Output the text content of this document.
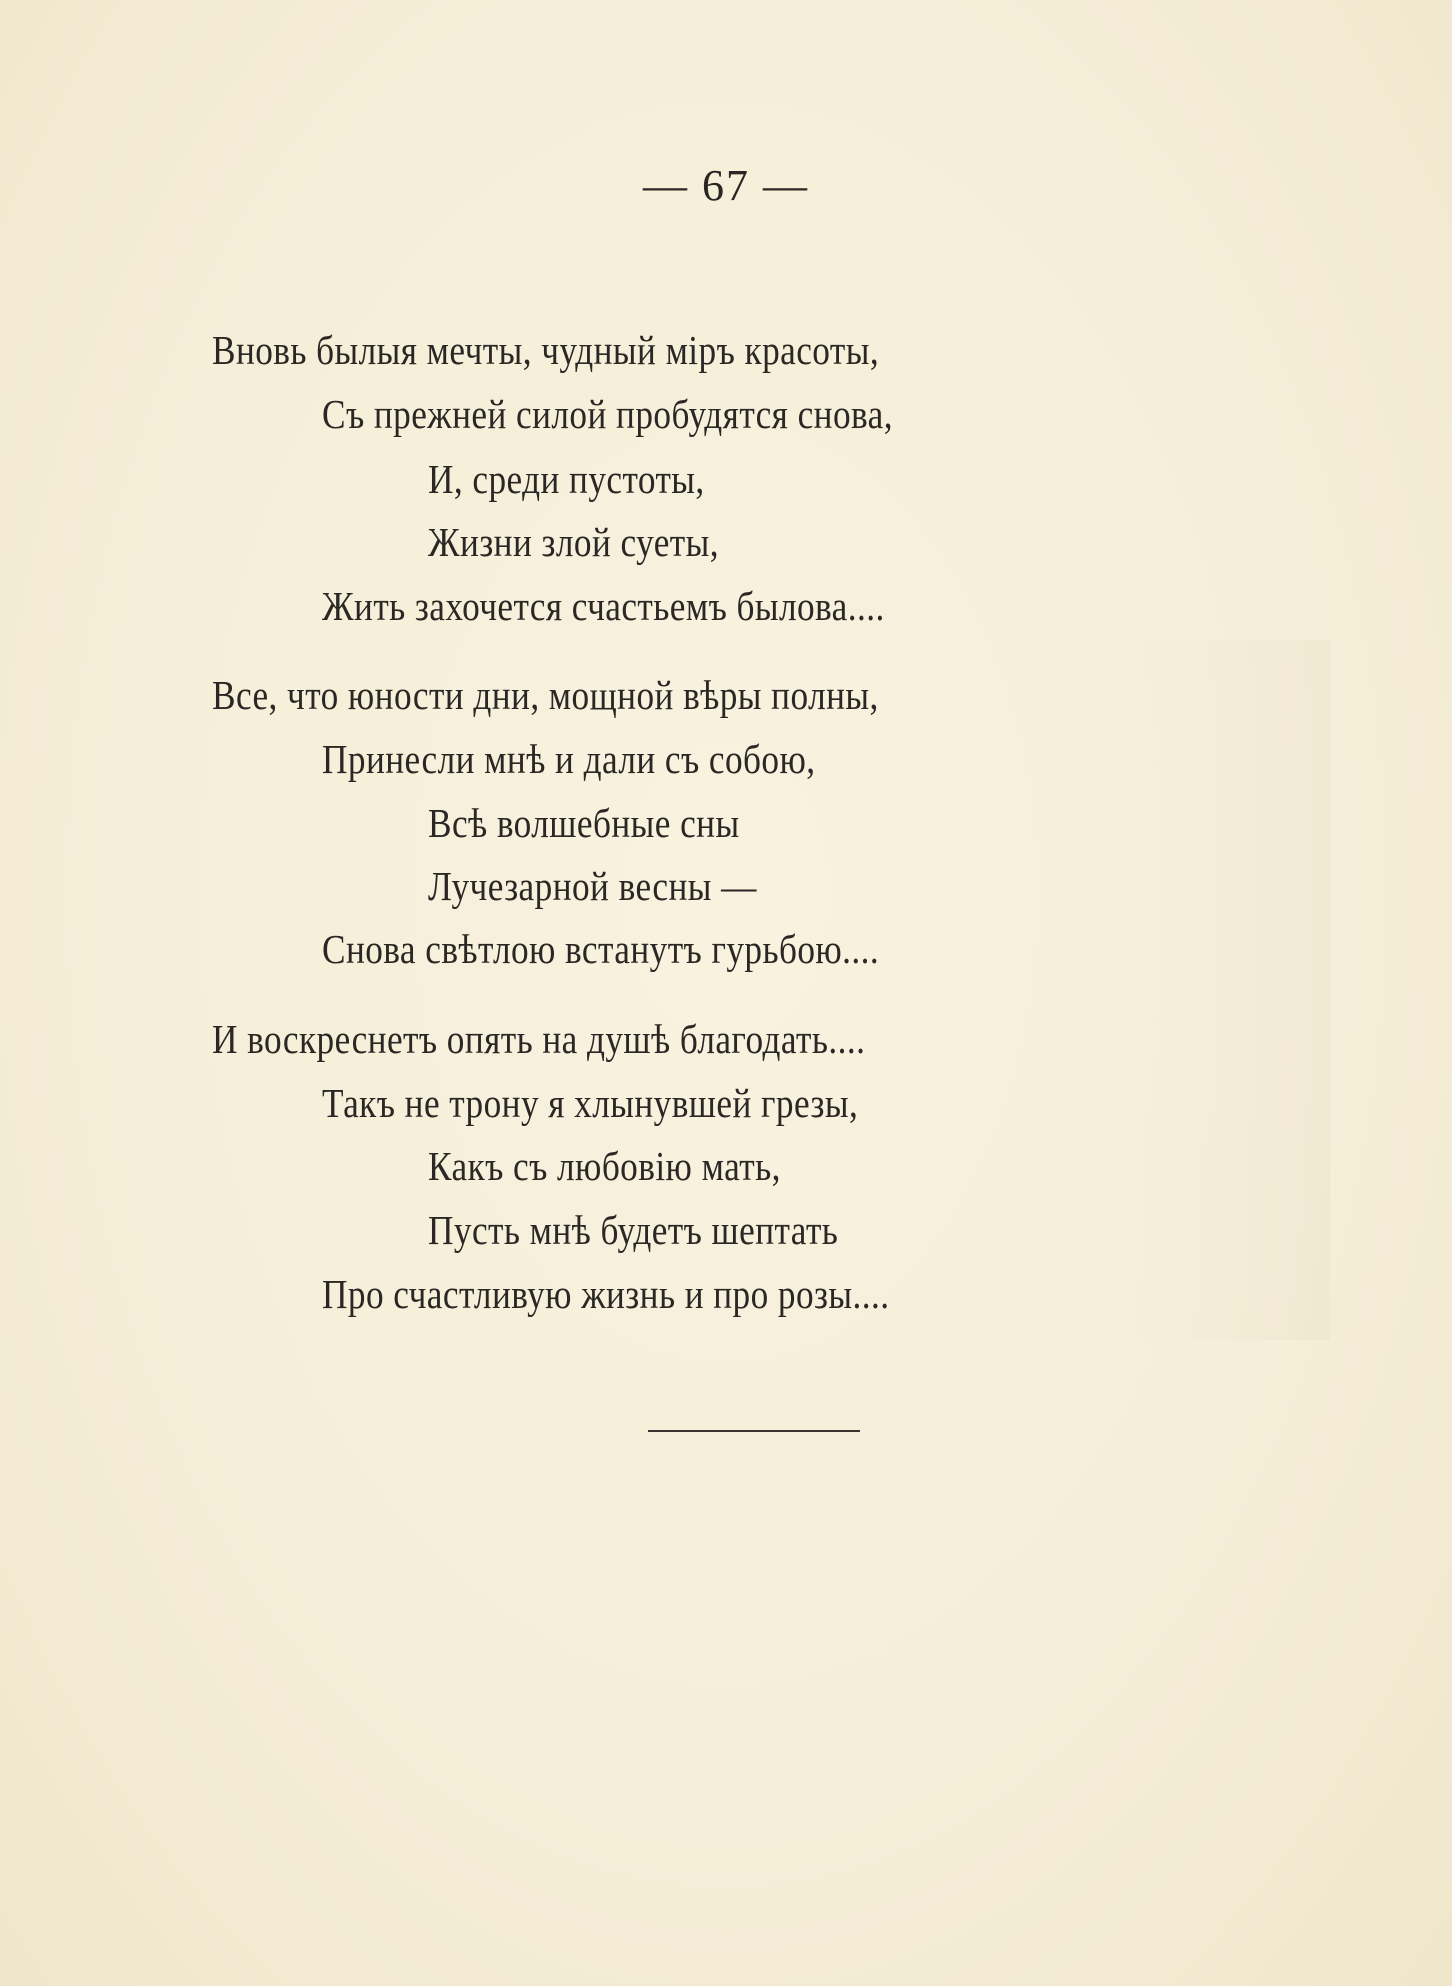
— 67 —
Вновь былыя мечты, чудный міръ красоты,
Съ прежней силой пробудятся снова,
И, среди пустоты,
Жизни злой суеты,
Жить захочется счастьемъ былова....
Все, что юности дни, мощной вѣры полны,
Принесли мнѣ и дали съ собою,
Всѣ волшебные сны
Лучезарной весны —
Снова свѣтлою встанутъ гурьбою....
И воскреснетъ опять на душѣ благодать....
Такъ не трону я хлынувшей грезы,
Какъ съ любовію мать,
Пусть мнѣ будетъ шептать
Про счастливую жизнь и про розы....
